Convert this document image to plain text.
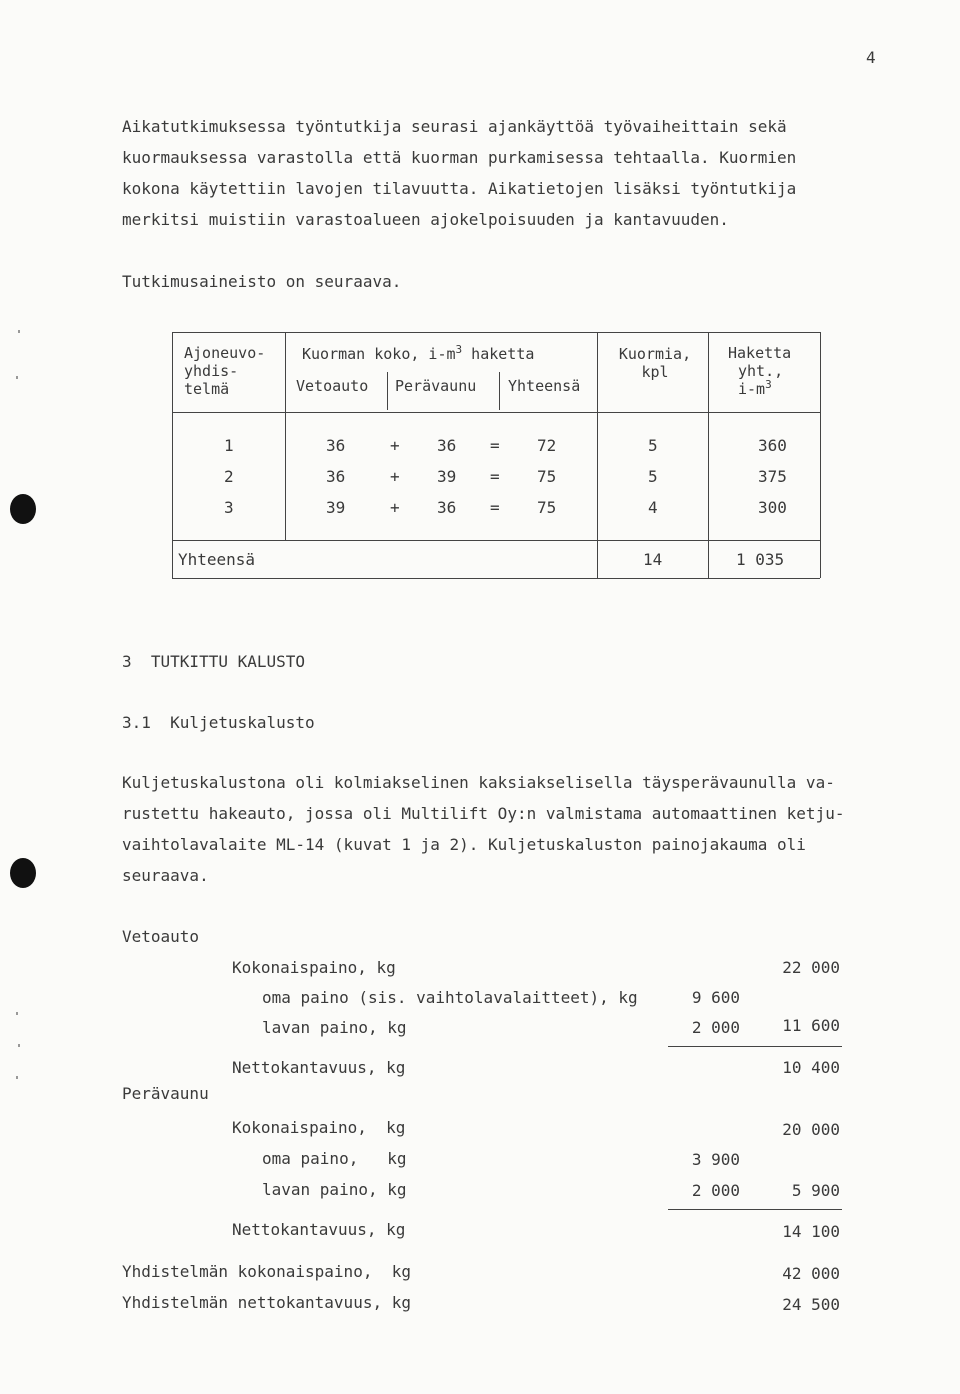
4
Aikatutkimuksessa työntutkija seurasi ajankäyttöä työvaiheittain sekä
kuormauksessa varastolla että kuorman purkamisessa tehtaalla. Kuormien
kokona käytettiin lavojen tilavuutta. Aikatietojen lisäksi työntutkija
merkitsi muistiin varastoalueen ajokelpoisuuden ja kantavuuden.
Tutkimusaineisto on seuraava.
Ajoneuvo-
yhdis-
telmä
Kuorman koko, $i-m^3$ haketta
Vetoauto Perävaunu Yhteensä
Kuormia,
kpl
Haketta
yht.,
$i-m^3$
1	36	+ 36 = 72	5	360
2	36	+ 39 = 75	5	375
3	39	+ 36 = 75	4	300
Yhteensä	14	1 035
3  TUTKITTU KALUSTO
3.1  Kuljetuskalusto
Kuljetuskalustona oli kolmiakselinen kaksiakselisella täysperävaunulla va-
rustettu hakeauto, jossa oli Multilift Oy:n valmistama automaattinen ketju-
vaihtolavalaite ML-14 (kuvat 1 ja 2). Kuljetuskaluston painojakauma oli
seuraava.
Vetoauto
Kokonaispaino, kg	22 000
oma paino (sis. vaihtolavalaitteet), kg	9 600
lavan paino, kg	2 000	11 600
Nettokantavuus, kg	10 400
Perävaunu
Kokonaispaino,  kg	20 000
oma paino,   kg	3 900
lavan paino, kg	2 000	5 900
Nettokantavuus, kg	14 100
Yhdistelmän kokonaispaino,  kg	42 000
Yhdistelmän nettokantavuus, kg	24 500
